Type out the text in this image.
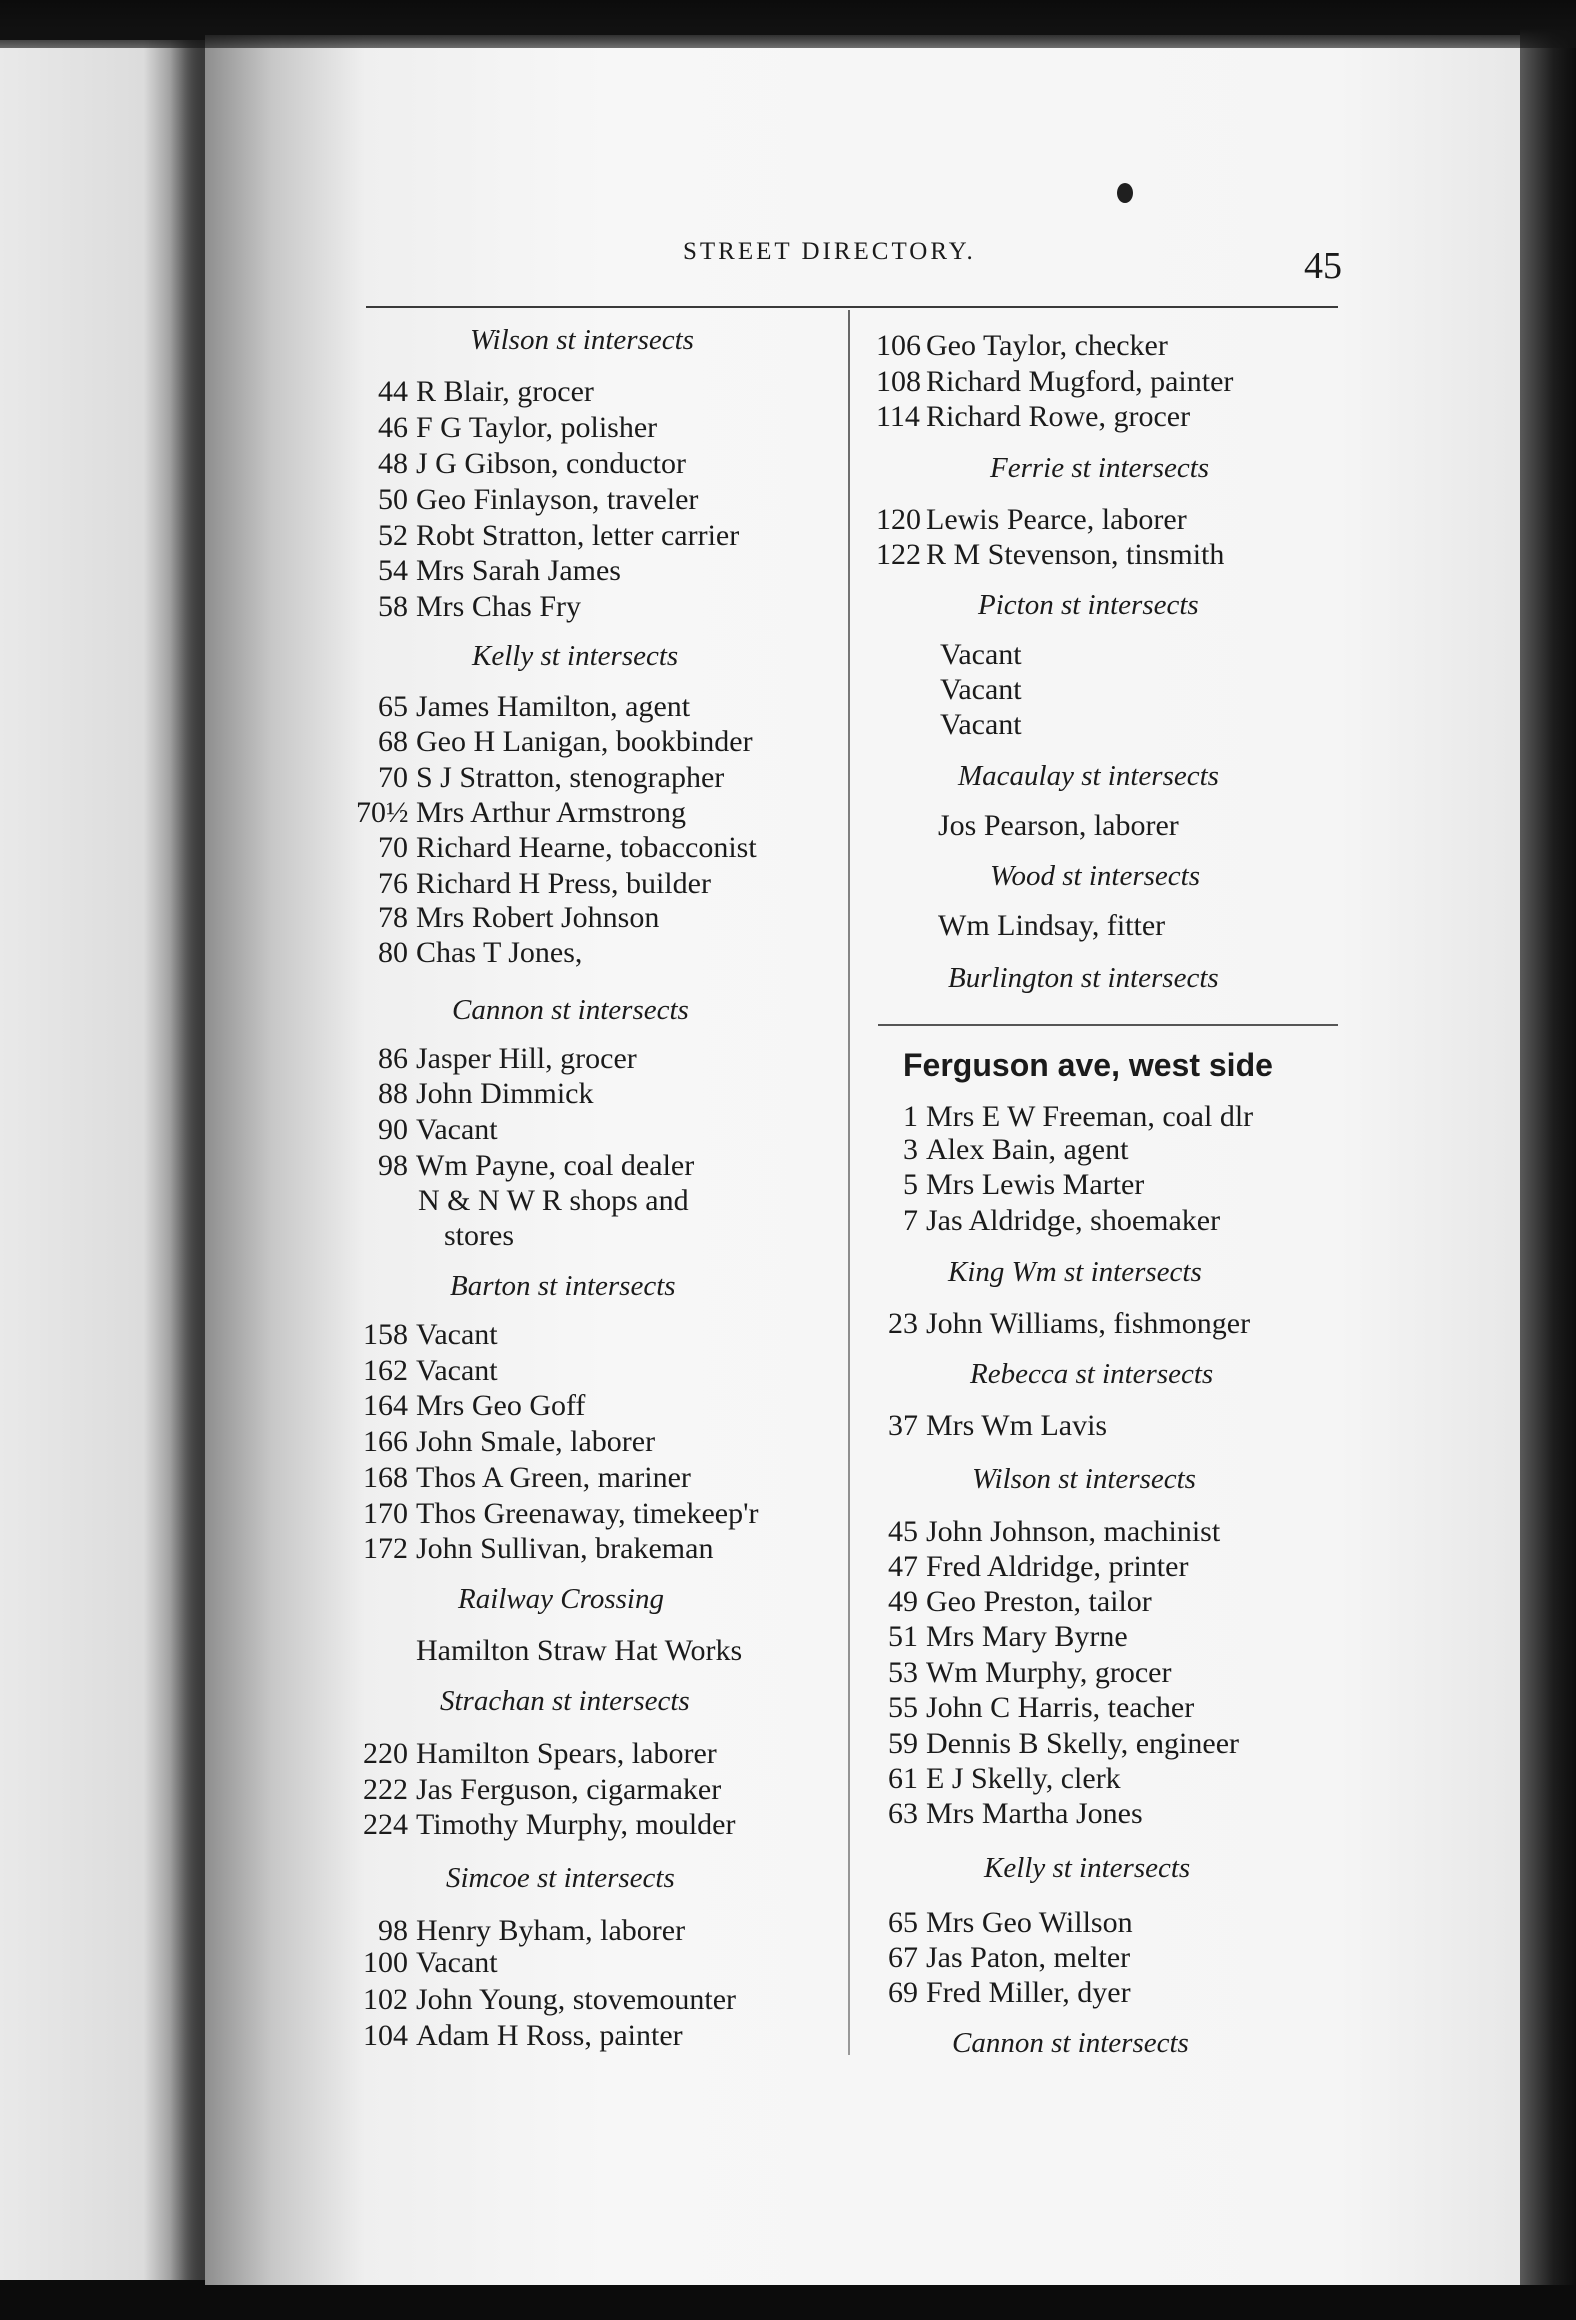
STREET DIRECTORY.	45
Wilson st intersects
44 R Blair, grocer
46 F G Taylor, polisher
48 J G Gibson, conductor
50 Geo Finlayson, traveler
52 Robt Stratton, letter carrier
54 Mrs Sarah James
58 Mrs Chas Fry
Kelly st intersects
65 James Hamilton, agent
68 Geo H Lanigan, bookbinder
70 S J Stratton, stenographer
70½ Mrs Arthur Armstrong
70 Richard Hearne, tobacconist
76 Richard H Press, builder
78 Mrs Robert Johnson
80 Chas T Jones,
Cannon st intersects
86 Jasper Hill, grocer
88 John Dimmick
90 Vacant
98 Wm Payne, coal dealer
N & N W R shops and
stores
Barton st intersects
158 Vacant
162 Vacant
164 Mrs Geo Goff
166 John Smale, laborer
168 Thos A Green, mariner
170 Thos Greenaway, timekeep'r
172 John Sullivan, brakeman
Railway Crossing
Hamilton Straw Hat Works
Strachan st intersects
220 Hamilton Spears, laborer
222 Jas Ferguson, cigarmaker
224 Timothy Murphy, moulder
Simcoe st intersects
98 Henry Byham, laborer
100 Vacant
102 John Young, stovemounter
104 Adam H Ross, painter
106 Geo Taylor, checker
108 Richard Mugford, painter
114 Richard Rowe, grocer
Ferrie st intersects
120 Lewis Pearce, laborer
122 R M Stevenson, tinsmith
Picton st intersects
Vacant
Vacant
Vacant
Macaulay st intersects
Jos Pearson, laborer
Wood st intersects
Wm Lindsay, fitter
Burlington st intersects
Ferguson ave, west side
1 Mrs E W Freeman, coal dlr
3 Alex Bain, agent
5 Mrs Lewis Marter
7 Jas Aldridge, shoemaker
King Wm st intersects
23 John Williams, fishmonger
Rebecca st intersects
37 Mrs Wm Lavis
Wilson st intersects
45 John Johnson, machinist
47 Fred Aldridge, printer
49 Geo Preston, tailor
51 Mrs Mary Byrne
53 Wm Murphy, grocer
55 John C Harris, teacher
59 Dennis B Skelly, engineer
61 E J Skelly, clerk
63 Mrs Martha Jones
Kelly st intersects
65 Mrs Geo Willson
67 Jas Paton, melter
69 Fred Miller, dyer
Cannon st intersects
